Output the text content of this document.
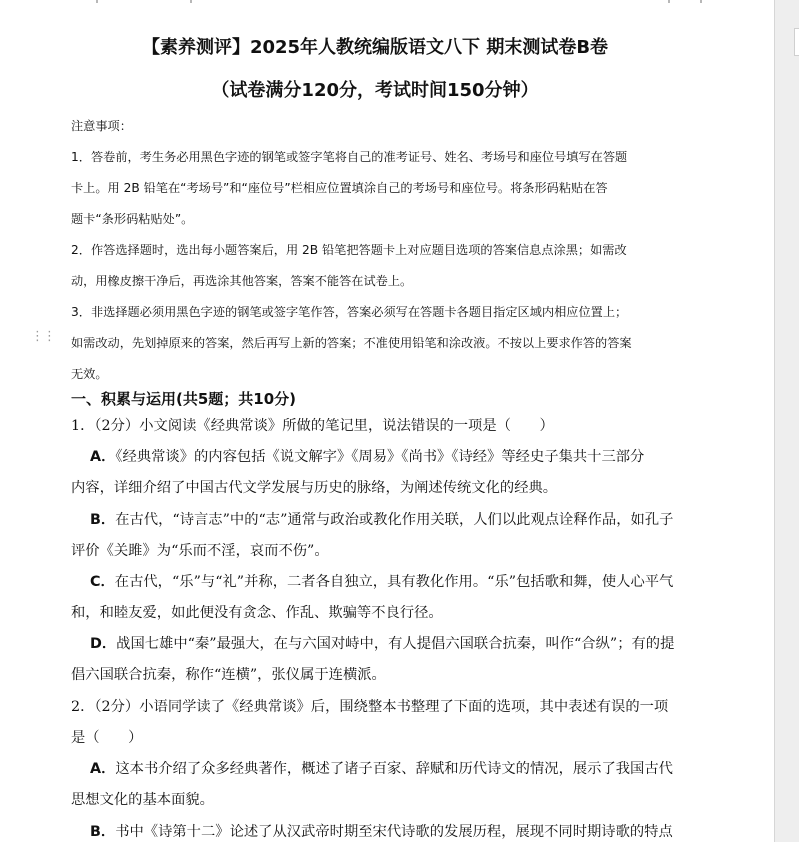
【素养测评】2025年人教统编版语文八下 期末测试卷B卷
（试卷满分120分，考试时间150分钟）
注意事项：
1．答卷前，考生务必用黑色字迹的钢笔或签字笔将自己的准考证号、姓名、考场号和座位号填写在答题
卡上。用 2B 铅笔在“考场号”和“座位号”栏相应位置填涂自己的考场号和座位号。将条形码粘贴在答
题卡“条形码粘贴处”。
2．作答选择题时，选出每小题答案后，用 2B 铅笔把答题卡上对应题目选项的答案信息点涂黑；如需改
动，用橡皮擦干净后，再选涂其他答案，答案不能答在试卷上。
3．非选择题必须用黑色字迹的钢笔或签字笔作答，答案必须写在答题卡各题目指定区域内相应位置上；
如需改动，先划掉原来的答案，然后再写上新的答案；不准使用铅笔和涂改液。不按以上要求作答的答案
无效。
一、积累与运用(共5题；共10分)
1．（2分）小文阅读《经典常谈》所做的笔记里，说法错误的一项是（　　）
A．《经典常谈》的内容包括《说文解字》《周易》《尚书》《诗经》等经史子集共十三部分
内容，详细介绍了中国古代文学发展与历史的脉络，为阐述传统文化的经典。
B．在古代，“诗言志”中的“志”通常与政治或教化作用关联，人们以此观点诠释作品，如孔子
评价《关雎》为“乐而不淫，哀而不伤”。
C．在古代，“乐”与“礼”并称，二者各自独立，具有教化作用。“乐”包括歌和舞，使人心平气
和，和睦友爱，如此便没有贪念、作乱、欺骗等不良行径。
D．战国七雄中“秦”最强大，在与六国对峙中，有人提倡六国联合抗秦，叫作“合纵”；有的提
倡六国联合抗秦，称作“连横”，张仪属于连横派。
2．（2分）小语同学读了《经典常谈》后，围绕整本书整理了下面的选项，其中表述有误的一项
是（　　）
A．这本书介绍了众多经典著作，概述了诸子百家、辞赋和历代诗文的情况，展示了我国古代
思想文化的基本面貌。
B．书中《诗第十二》论述了从汉武帝时期至宋代诗歌的发展历程，展现不同时期诗歌的特点
⋮⋮
